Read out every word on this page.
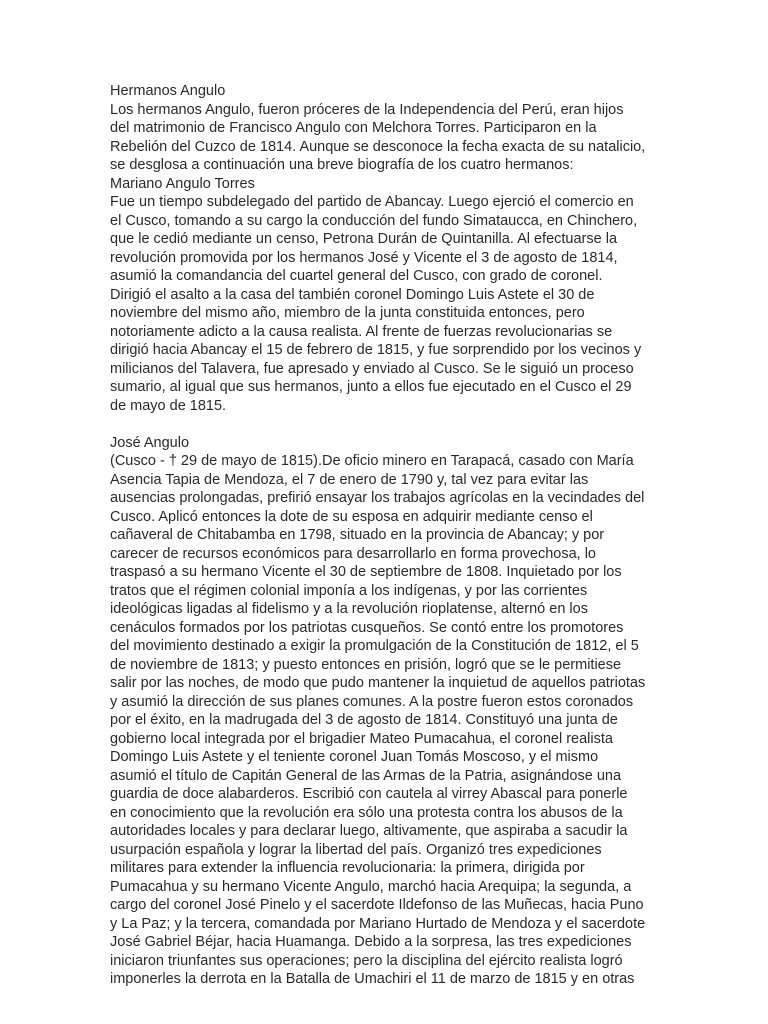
Hermanos Angulo
Los hermanos Angulo, fueron próceres de la Independencia del Perú, eran hijos
del matrimonio de Francisco Angulo con Melchora Torres. Participaron en la
Rebelión del Cuzco de 1814. Aunque se desconoce la fecha exacta de su natalicio,
se desglosa a continuación una breve biografía de los cuatro hermanos:
Mariano Angulo Torres
Fue un tiempo subdelegado del partido de Abancay. Luego ejerció el comercio en
el Cusco, tomando a su cargo la conducción del fundo Simataucca, en Chinchero,
que le cedió mediante un censo, Petrona Durán de Quintanilla. Al efectuarse la
revolución promovida por los hermanos José y Vicente el 3 de agosto de 1814,
asumió la comandancia del cuartel general del Cusco, con grado de coronel.
Dirigió el asalto a la casa del también coronel Domingo Luis Astete el 30 de
noviembre del mismo año, miembro de la junta constituida entonces, pero
notoriamente adicto a la causa realista. Al frente de fuerzas revolucionarias se
dirigió hacia Abancay el 15 de febrero de 1815, y fue sorprendido por los vecinos y
milicianos del Talavera, fue apresado y enviado al Cusco. Se le siguió un proceso
sumario, al igual que sus hermanos, junto a ellos fue ejecutado en el Cusco el 29
de mayo de 1815.
José Angulo
(Cusco - † 29 de mayo de 1815).De oficio minero en Tarapacá, casado con María
Asencia Tapia de Mendoza, el 7 de enero de 1790 y, tal vez para evitar las
ausencias prolongadas, prefirió ensayar los trabajos agrícolas en la vecindades del
Cusco. Aplicó entonces la dote de su esposa en adquirir mediante censo el
cañaveral de Chitabamba en 1798, situado en la provincia de Abancay; y por
carecer de recursos económicos para desarrollarlo en forma provechosa, lo
traspasó a su hermano Vicente el 30 de septiembre de 1808. Inquietado por los
tratos que el régimen colonial imponía a los indígenas, y por las corrientes
ideológicas ligadas al fidelismo y a la revolución rioplatense, alternó en los
cenáculos formados por los patriotas cusqueños. Se contó entre los promotores
del movimiento destinado a exigir la promulgación de la Constitución de 1812, el 5
de noviembre de 1813; y puesto entonces en prisión, logró que se le permitiese
salir por las noches, de modo que pudo mantener la inquietud de aquellos patriotas
y asumió la dirección de sus planes comunes. A la postre fueron estos coronados
por el éxito, en la madrugada del 3 de agosto de 1814. Constituyó una junta de
gobierno local integrada por el brigadier Mateo Pumacahua, el coronel realista
Domingo Luis Astete y el teniente coronel Juan Tomás Moscoso, y el mismo
asumió el título de Capitán General de las Armas de la Patria, asignándose una
guardia de doce alabarderos. Escribió con cautela al virrey Abascal para ponerle
en conocimiento que la revolución era sólo una protesta contra los abusos de la
autoridades locales y para declarar luego, altivamente, que aspiraba a sacudir la
usurpación española y lograr la libertad del país. Organizó tres expediciones
militares para extender la influencia revolucionaria: la primera, dirigida por
Pumacahua y su hermano Vicente Angulo, marchó hacia Arequipa; la segunda, a
cargo del coronel José Pinelo y el sacerdote Ildefonso de las Muñecas, hacia Puno
y La Paz; y la tercera, comandada por Mariano Hurtado de Mendoza y el sacerdote
José Gabriel Béjar, hacia Huamanga. Debido a la sorpresa, las tres expediciones
iniciaron triunfantes sus operaciones; pero la disciplina del ejército realista logró
imponerles la derrota en la Batalla de Umachiri el 11 de marzo de 1815 y en otras
